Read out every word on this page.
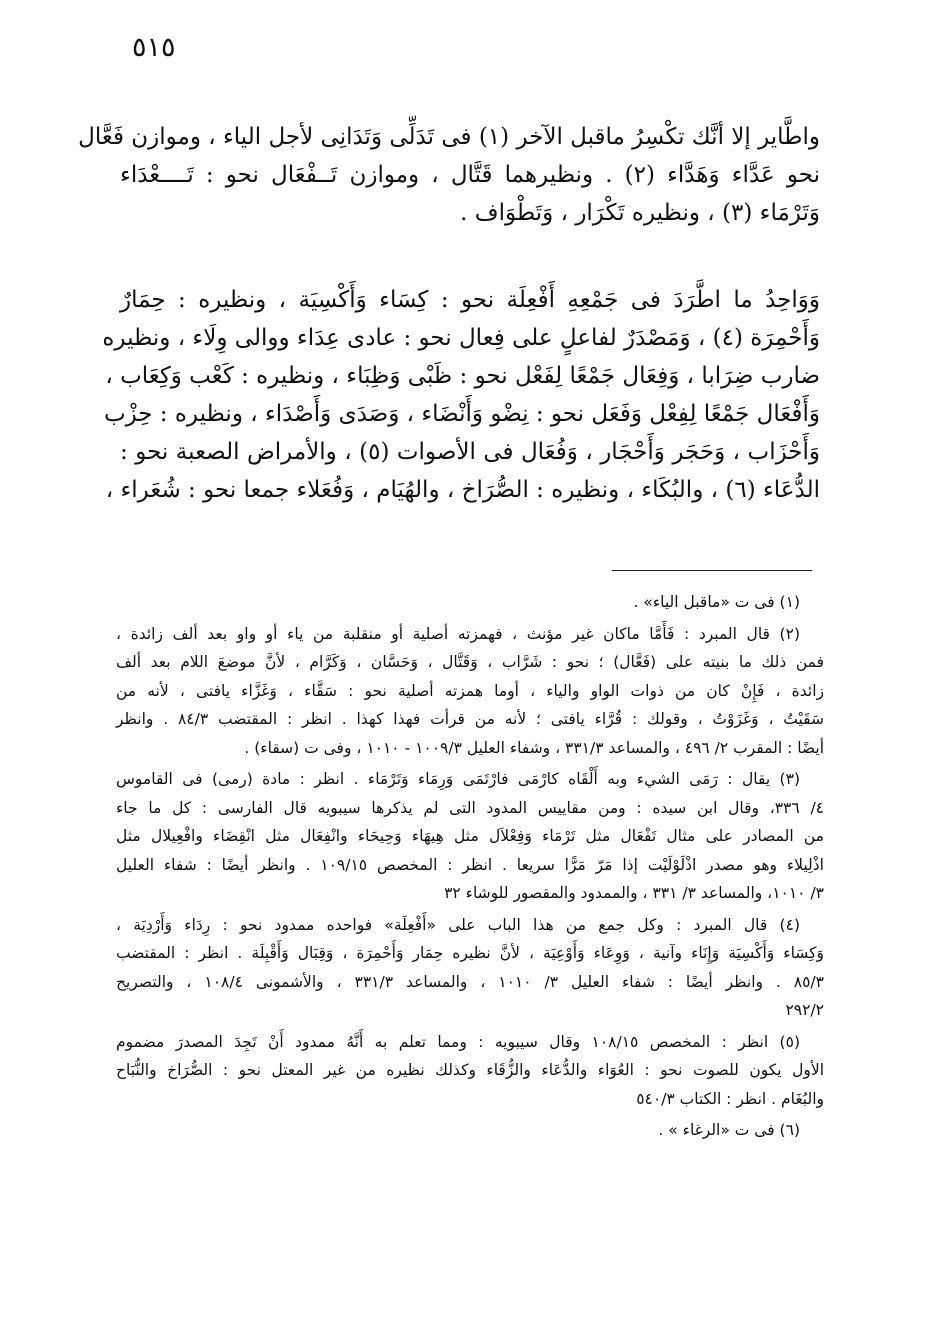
٥١٥
واطَّاير إلا أنَّك تكْسِرُ ماقبل الآخر (١) فى تَدَلِّى وَتَدَانِى لأجل الياء ، وموازن فَعَّال
نحو عَدَّاء وَهَدَّاء (٢) . ونظيرهما قَتَّال ، وموازن تَــفْعَال نحو : تَــــعْدَاء
وَتَرْمَاء (٣) ، ونظيره تَكْرَار ، وَتَطْوَاف .
وَوَاحِدُ ما اطَّرَدَ فى جَمْعِهِ أَفْعِلَة نحو : كِسَاء وَأَكْسِيَة ، ونظيره : حِمَارٌ
وَأَحْمِرَة (٤) ، وَمَصْدَرٌ لفاعلٍ على فِعال نحو : عادى عِدَاء ووالى وِلَاء ، ونظيره
ضارب ضِرَابا ، وَفِعَال جَمْعًا لِفَعْل نحو : ظَبْى وَظِبَاء ، ونظيره : كَعْب وَكِعَاب ،
وَأَفْعَال جَمْعًا لِفِعْل وَفَعَل نحو : نِضْو وَأَنْضَاء ، وَصَدَى وَأَصْدَاء ، ونظيره : حِزْب
وَأَحْزَاب ، وَحَجَر وَأَحْجَار ، وَفُعَال فى الأصوات (٥) ، والأمراض الصعبة نحو :
الدُّعَاء (٦) ، والبُكَاء ، ونظيره : الصُّرَاخ ، والهُيَام ، وَفُعَلاء جمعا نحو : شُعَراء ،
(١) فى ت «ماقبل الياء» .
(٢) قال المبرد : فَأَمَّا ماكان غير مؤنث ، فهمزته أصلية أو منقلبة من ياء أو واو بعد ألف زائدة ،
فمن ذلك ما بنيته على (فَعَّال) ؛ نحو : شَرَّاب ، وَقَتَّال ، وَحَسَّان ، وَكَرَّام ، لأنَّ موضعَ اللام بعد ألف
زائدة ، فَإِنْ كان من ذوات الواو والياء ، أوما همزته أصلية نحو : سَقَّاء ، وَغَزَّاء يافتى ، لأنه من
سَقَيْتُ ، وَغَزَوْتُ ، وقولك : قُرَّاء يافتى ؛ لأنه من قرأت فهذا كهذا . انظر : المقتضب ٨٤/٣ . وانظر
أيضًا : المقرب ٢/ ٤٩٦ ، والمساعد ٣٣١/٣ ، وشفاء العليل ١٠٠٩/٣ - ١٠١٠ ، وفى ت (سقاء) .
(٣) يقال : رَمَى الشيء وبه أَلْقَاه كارْمَى فارْتَمَى وَرِمَاء وَتَرْمَاء . انظر : مادة (رمى) فى القاموس
٤/ ٣٣٦، وقال ابن سيده : ومن مقاييس المدود التى لم يذكرها سيبويه قال الفارسى : كل ما جاء
من المصادر على مثال تَفْعَال مثل تَرْمَاء وَفِعْلاَل مثل هِيهَاء وَحِيحَاء وانْفِعَال مثل انْقِضَاء وافْعِيلال مثل
اذْلِيلاء وهو مصدر اذْلَوْلَيْت إذا مَرّ مَرًّا سريعا . انظر : المخصص ١٠٩/١٥ . وانظر أيضًا : شفاء العليل
٣/ ١٠١٠، والمساعد ٣/ ٣٣١ ، والممدود والمقصور للوشاء ٣٢
(٤) قال المبرد : وكل جمع من هذا الباب على «أَفْعِلَة» فواحده ممدود نحو : رِدَاء وَأَرْدِيَة ،
وَكِسَاء وَأَكْسِيَة وَإِنَاء وآنية ، وَوِعَاء وَأَوْعِيَة ، لأنَّ نظيره حِمَار وَأَحْمِرَة ، وَقِبَال وَأَقْبِلَة . انظر : المقتضب
٨٥/٣ . وانظر أيضًا : شفاء العليل ٣/ ١٠١٠ ، والمساعد ٣٣١/٣ ، والأشمونى ١٠٨/٤ ، والتصريح
٢٩٢/٢
(٥) انظر : المخصص ١٠٨/١٥ وقال سيبويه : ومما تعلم به أَنَّهُ ممدود أَنْ تَجِدَ المصدرَ مضموم
الأول يكون للصوت نحو : العُوَاء والدُّعَاء والزُّقَاء وكذلك نظيره من غير المعتل نحو : الصُّرَاخ والنُّبَاح
والبُغَام . انظر : الكتاب ٥٤٠/٣
(٦) فى ت «الرغاء » .
